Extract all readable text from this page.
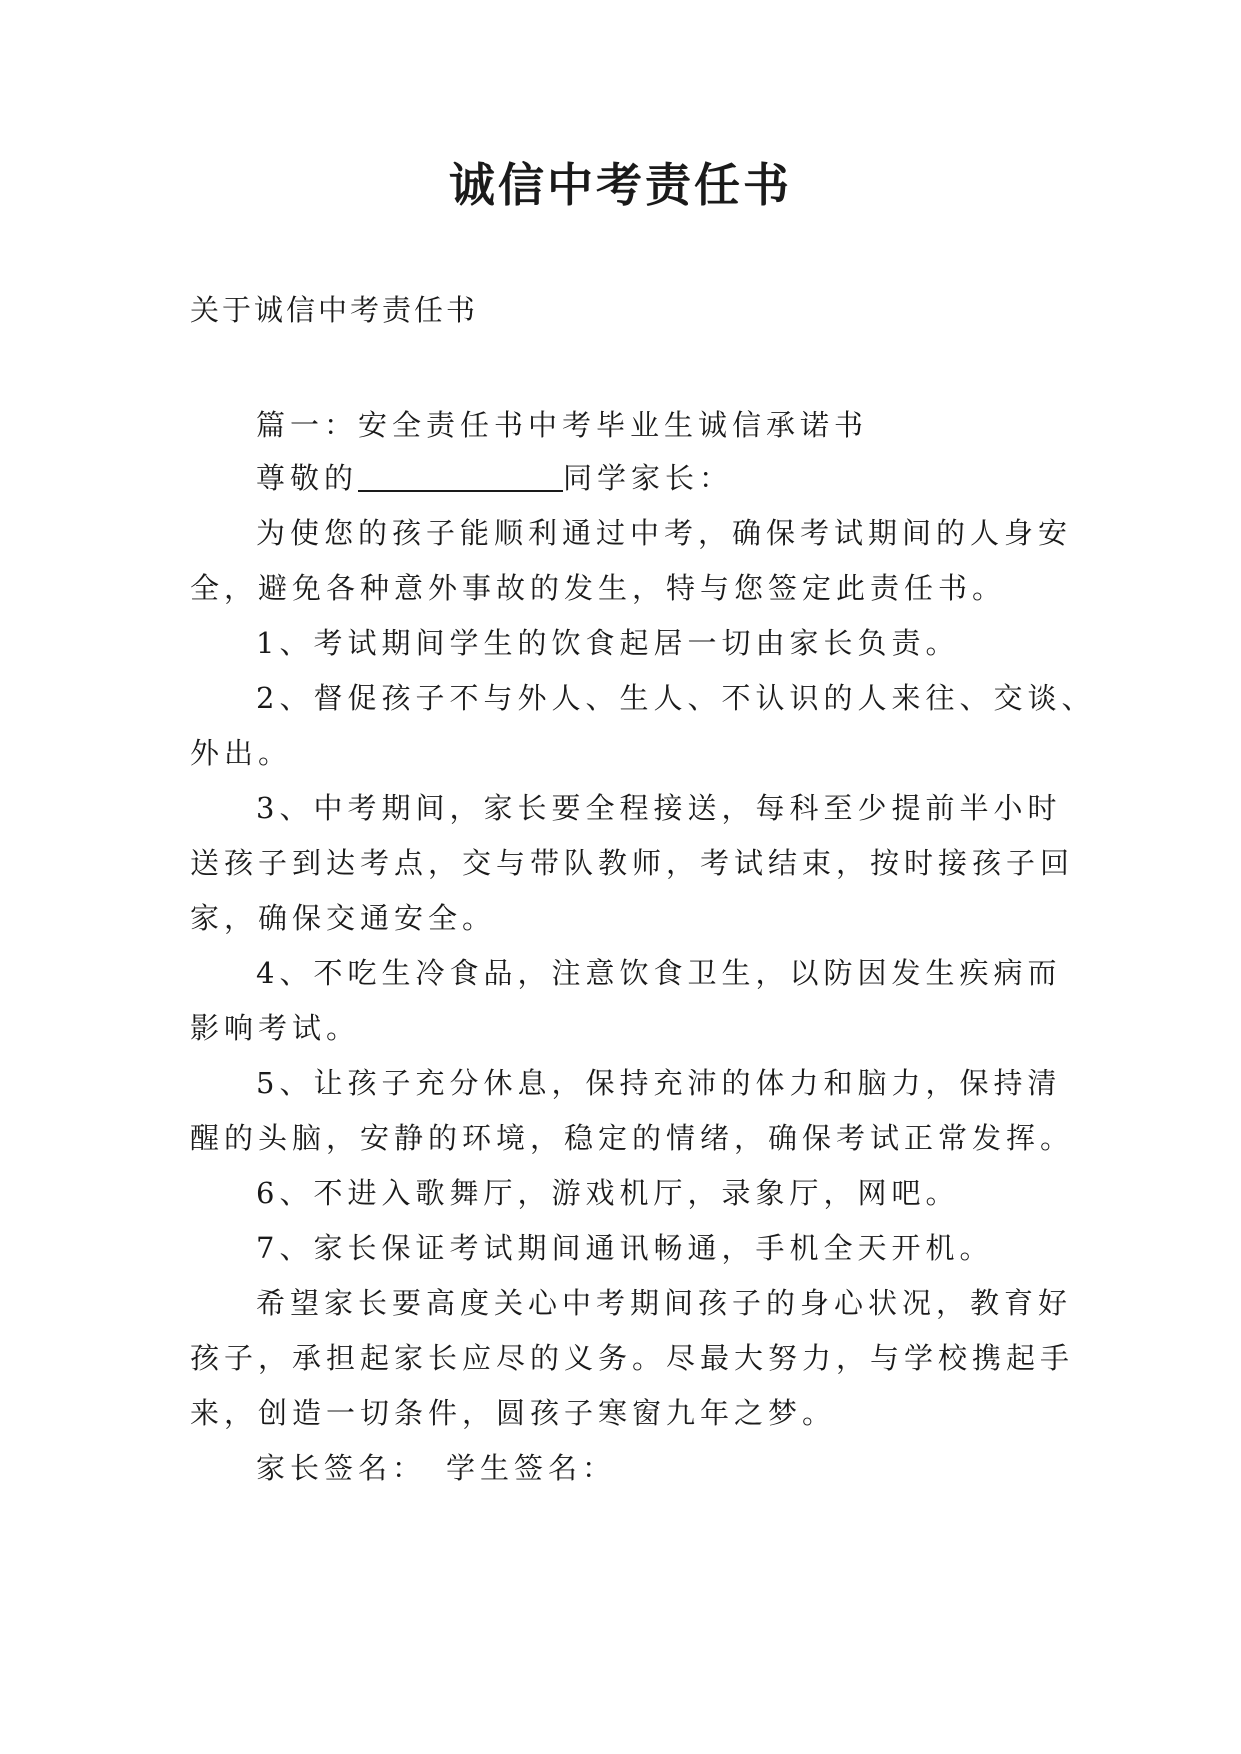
诚信中考责任书

关于诚信中考责任书

篇一：安全责任书中考毕业生诚信承诺书

尊敬的	同学家长：

为使您的孩子能顺利通过中考，确保考试期间的人身安

全，避免各种意外事故的发生，特与您签定此责任书。

1、考试期间学生的饮食起居一切由家长负责。

2、督促孩子不与外人、生人、不认识的人来往、交谈、

外出。

3、中考期间，家长要全程接送，每科至少提前半小时

送孩子到达考点，交与带队教师，考试结束，按时接孩子回

家，确保交通安全。

4、不吃生冷食品，注意饮食卫生，以防因发生疾病而

影响考试。

5、让孩子充分休息，保持充沛的体力和脑力，保持清

醒的头脑，安静的环境，稳定的情绪，确保考试正常发挥。

6、不进入歌舞厅，游戏机厅，录象厅，网吧。

7、家长保证考试期间通讯畅通，手机全天开机。

希望家长要高度关心中考期间孩子的身心状况，教育好

孩子，承担起家长应尽的义务。尽最大努力，与学校携起手

来，创造一切条件，圆孩子寒窗九年之梦。

家长签名： 学生签名：
